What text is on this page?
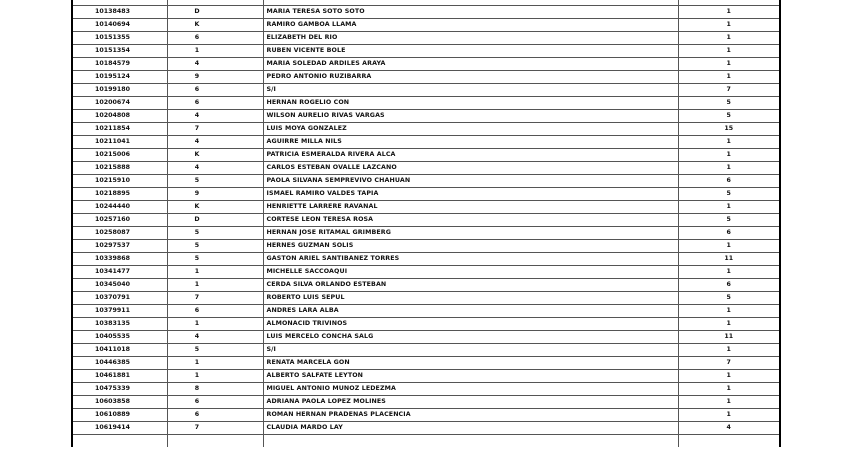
10138483	D	MARIA TERESA SOTO SOTO	1
10140694	K	RAMIRO GAMBOA LLAMA	1
10151355	6	ELIZABETH DEL RIO	1
10151354	1	RUBEN VICENTE BOLE	1
10184579	4	MARIA SOLEDAD ARDILES ARAYA	1
10195124	9	PEDRO ANTONIO RUZIBARRA	1
10199180	6	S/I	7
10200674	6	HERNAN ROGELIO CON	5
10204808	4	WILSON AURELIO RIVAS VARGAS	5
10211854	7	LUIS MOYA GONZALEZ	15
10211041	4	AGUIRRE MILLA NILS	1
10215006	K	PATRICIA ESMERALDA RIVERA ALCA	1
10215888	4	CARLOS ESTEBAN OVALLE LAZCANO	1
10215910	5	PAOLA SILVANA SEMPREVIVO CHAHUAN	6
10218895	9	ISMAEL RAMIRO VALDES TAPIA	5
10244440	K	HENRIETTE LARRERE RAVANAL	1
10257160	D	CORTESE LEON TERESA ROSA	5
10258087	5	HERNAN JOSE RITAMAL GRIMBERG	6
10297537	5	HERNES GUZMAN SOLIS	1
10339868	5	GASTON ARIEL SANTIBANEZ TORRES	11
10341477	1	MICHELLE SACCOAQUI	1
10345040	1	CERDA SILVA ORLANDO ESTEBAN	6
10370791	7	ROBERTO LUIS SEPUL	5
10379911	6	ANDRES LARA ALBA	1
10383135	1	ALMONACID TRIVINOS	1
10405535	4	LUIS MERCELO CONCHA SALG	11
10411018	5	S/I	1
10446385	1	RENATA MARCELA GON	7
10461881	1	ALBERTO SALFATE LEYTON	1
10475339	8	MIGUEL ANTONIO MUNOZ LEDEZMA	1
10603858	6	ADRIANA PAOLA LOPEZ MOLINES	1
10610889	6	ROMAN HERNAN PRADENAS PLACENCIA	1
10619414	7	CLAUDIA MARDO LAY	4
